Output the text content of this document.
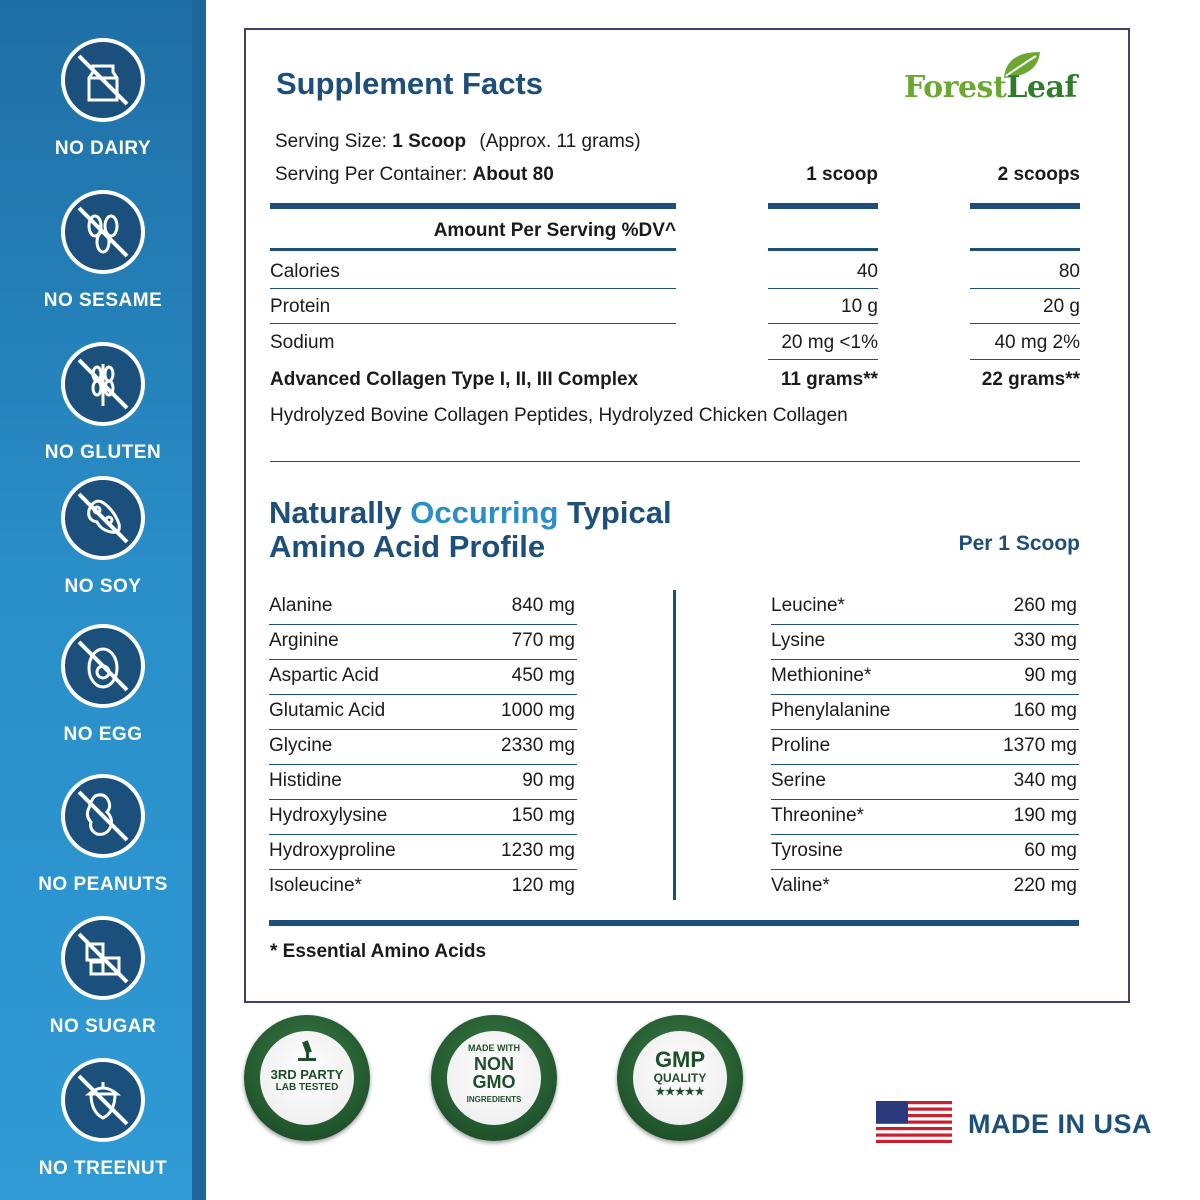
NO DAIRY
NO SESAME
NO GLUTEN
NO SOY
NO EGG
NO PEANUTS
NO SUGAR
NO TREENUT
Supplement Facts	ForestLeaf
Serving Size: 1 Scoop (Approx. 11 grams)
Serving Per Container: About 80	1 scoop	2 scoops
Amount Per Serving %DV^
Calories	40	80
Protein	10 g	20 g
Sodium	20 mg <1%	40 mg 2%
Advanced Collagen Type I, II, III Complex	11 grams**	22 grams**
Hydrolyzed Bovine Collagen Peptides, Hydrolyzed Chicken Collagen
Naturally Occurring Typical
Amino Acid Profile	Per 1 Scoop
Alanine	840 mg
Arginine	770 mg
Aspartic Acid	450 mg
Glutamic Acid	1000 mg
Glycine	2330 mg
Histidine	90 mg
Hydroxylysine	150 mg
Hydroxyproline	1230 mg
Isoleucine*	120 mg
Leucine*	260 mg
Lysine	330 mg
Methionine*	90 mg
Phenylalanine	160 mg
Proline	1370 mg
Serine	340 mg
Threonine*	190 mg
Tyrosine	60 mg
Valine*	220 mg
* Essential Amino Acids
3RD PARTY
LAB TESTED
MADE WITH
NON
GMO
INGREDIENTS
GMP
QUALITY
★★★★★
MADE IN USA
